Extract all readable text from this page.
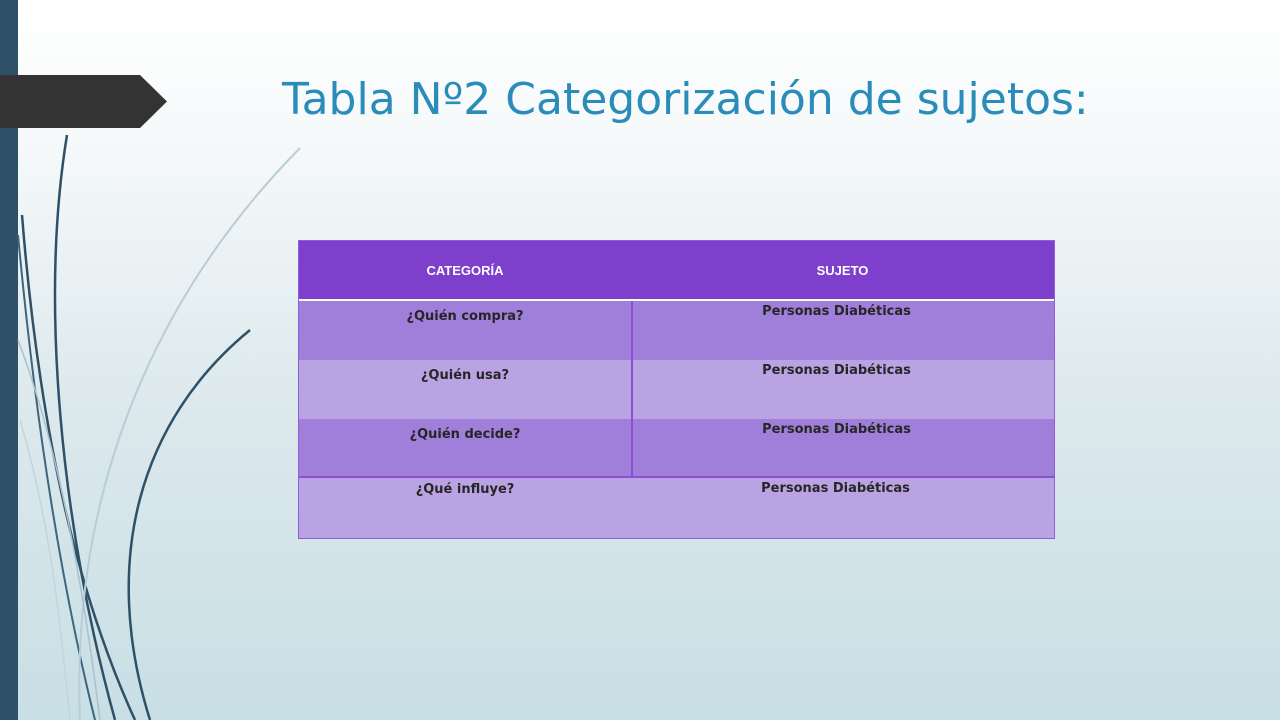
Tabla Nº2 Categorización de sujetos:
CATEGORÍA	SUJETO
¿Quién compra?	Personas Diabéticas
¿Quién usa?	Personas Diabéticas
¿Quién decide?	Personas Diabéticas
¿Qué influye?	Personas Diabéticas
